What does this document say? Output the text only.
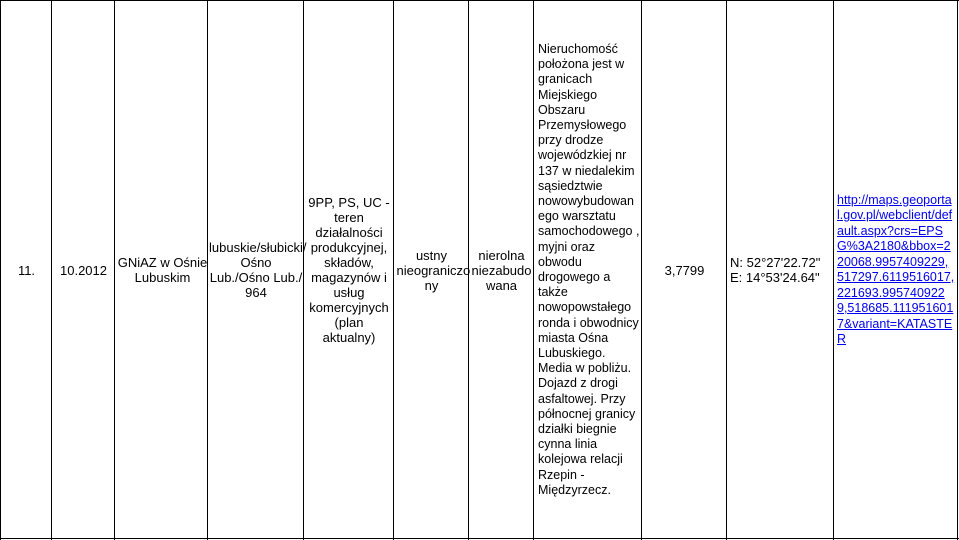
11. 10.2012 GNiAZ w Ośnie Lubuskim
lubuskie/słubicki/ Ośno Lub./Ośno Lub./ 964
9PP, PS, UC - teren działalności produkcyjnej, składów, magazynów i usług komercyjnych (plan aktualny)
ustny nieograniczo ny
nierolna niezabudo wana
Nieruchomość położona jest w granicach Miejskiego Obszaru Przemysłowego przy drodze wojewódzkiej nr 137 w niedalekim sąsiedztwie nowowybudowan ego warsztatu samochodowego , myjni oraz obwodu drogowego a także nowopowstałego ronda i obwodnicy miasta Ośna Lubuskiego. Media w pobliżu. Dojazd z drogi asfaltowej. Przy północnej granicy działki biegnie cynna linia kolejowa relacji Rzepin - Międzyrzecz.
3,7799 N: 52°27'22.72"
E: 14°53'24.64"
http://maps.geoportal.gov.pl/webclient/default.aspx?crs=EPSG%3A2180&bbox=220068.9957409229,517297.6119516017,221693.9957409229,518685.1119516017&variant=KATASTER
